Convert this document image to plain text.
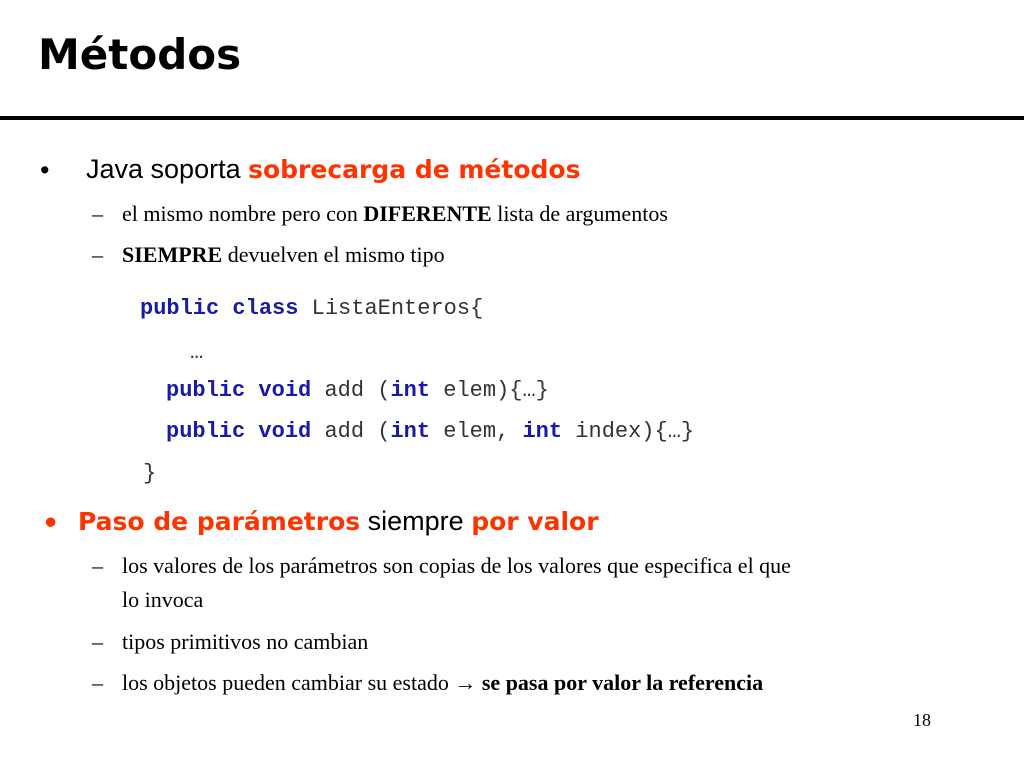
Métodos
• Java soporta sobrecarga de métodos
– el mismo nombre pero con DIFERENTE lista de argumentos
– SIEMPRE devuelven el mismo tipo
public class ListaEnteros{
…
public void add (int elem){…}
public void add (int elem, int index){…}
}
• Paso de parámetros siempre por valor
– los valores de los parámetros son copias de los valores que especifica el que
lo invoca
– tipos primitivos no cambian
– los objetos pueden cambiar su estado → se pasa por valor la referencia
18
